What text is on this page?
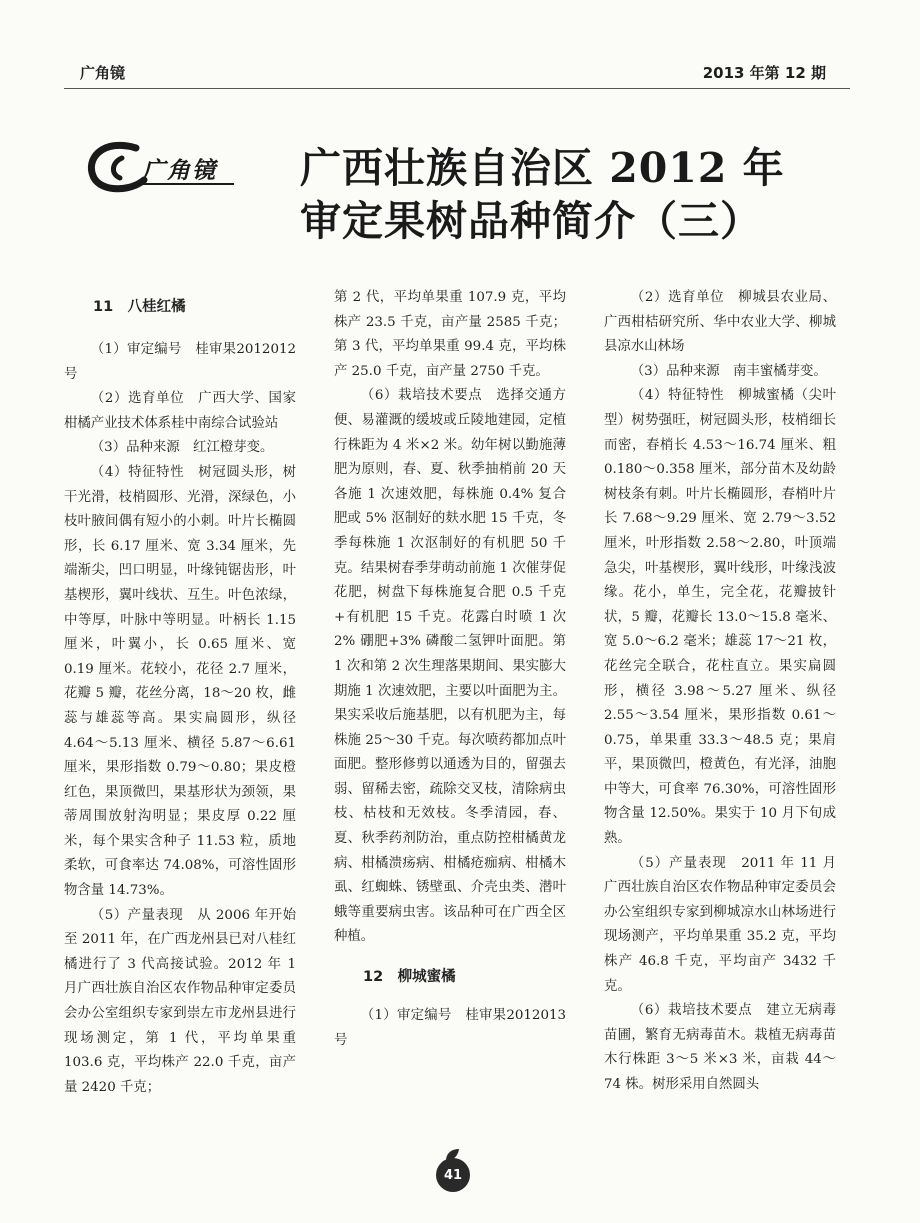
广角镜	2013 年第 12 期
广角镜 广西壮族自治区 2012 年
审定果树品种简介（三）

11　八桂红橘

（1）审定编号　桂审果2012012号

（2）选育单位　广西大学、国家柑橘产业技术体系桂中南综合试验站

（3）品种来源　红江橙芽变。

（4）特征特性　树冠圆头形，树干光滑，枝梢圆形、光滑，深绿色，小枝叶腋间偶有短小的小刺。叶片长椭圆形，长 6.17 厘米、宽 3.34 厘米，先端渐尖，凹口明显，叶缘钝锯齿形，叶基楔形，翼叶线状、互生。叶色浓绿，中等厚，叶脉中等明显。叶柄长 1.15 厘米，叶翼小，长 0.65 厘米、宽 0.19 厘米。花较小，花径 2.7 厘米，花瓣 5 瓣，花丝分离，18～20 枚，雌蕊与雄蕊等高。果实扁圆形，纵径 4.64～5.13 厘米、横径 5.87～6.61 厘米，果形指数 0.79～0.80；果皮橙红色，果顶微凹，果基形状为颈领，果蒂周围放射沟明显；果皮厚 0.22 厘米，每个果实含种子 11.53 粒，质地柔软，可食率达 74.08%，可溶性固形物含量 14.73%。

（5）产量表现　从 2006 年开始至 2011 年，在广西龙州县已对八桂红橘进行了 3 代高接试验。2012 年 1 月广西壮族自治区农作物品种审定委员会办公室组织专家到崇左市龙州县进行现场测定，第 1 代，平均单果重 103.6 克，平均株产 22.0 千克，亩产量 2420 千克；

第 2 代，平均单果重 107.9 克，平均株产 23.5 千克，亩产量 2585 千克；第 3 代，平均单果重 99.4 克，平均株产 25.0 千克，亩产量 2750 千克。

（6）栽培技术要点　选择交通方便、易灌溉的缓坡或丘陵地建园，定植行株距为 4 米×2 米。幼年树以勤施薄肥为原则，春、夏、秋季抽梢前 20 天各施 1 次速效肥，每株施 0.4% 复合肥或 5% 沤制好的麸水肥 15 千克，冬季每株施 1 次沤制好的有机肥 50 千克。结果树春季芽萌动前施 1 次催芽促花肥，树盘下每株施复合肥 0.5 千克+有机肥 15 千克。花露白时喷 1 次 2% 硼肥+3% 磷酸二氢钾叶面肥。第 1 次和第 2 次生理落果期间、果实膨大期施 1 次速效肥，主要以叶面肥为主。果实采收后施基肥，以有机肥为主，每株施 25～30 千克。每次喷药都加点叶面肥。整形修剪以通透为目的，留强去弱、留稀去密，疏除交叉枝，清除病虫枝、枯枝和无效枝。冬季清园，春、夏、秋季药剂防治，重点防控柑橘黄龙病、柑橘溃疡病、柑橘疮痂病、柑橘木虱、红蜘蛛、锈壁虱、介壳虫类、潜叶蛾等重要病虫害。该品种可在广西全区种植。

12　柳城蜜橘

（1）审定编号　桂审果2012013号

（2）选育单位　柳城县农业局、广西柑桔研究所、华中农业大学、柳城县凉水山林场

（3）品种来源　南丰蜜橘芽变。

（4）特征特性　柳城蜜橘（尖叶型）树势强旺，树冠圆头形，枝梢细长而密，春梢长 4.53～16.74 厘米、粗 0.180～0.358 厘米，部分苗木及幼龄树枝条有刺。叶片长椭圆形，春梢叶片长 7.68～9.29 厘米、宽 2.79～3.52 厘米，叶形指数 2.58～2.80，叶顶端急尖，叶基楔形，翼叶线形，叶缘浅波缘。花小，单生，完全花，花瓣披针状，5 瓣，花瓣长 13.0～15.8 毫米、宽 5.0～6.2 毫米；雄蕊 17～21 枚，花丝完全联合，花柱直立。果实扁圆形，横径 3.98～5.27 厘米、纵径 2.55～3.54 厘米，果形指数 0.61～0.75，单果重 33.3～48.5 克；果肩平，果顶微凹，橙黄色，有光泽，油胞中等大，可食率 76.30%，可溶性固形物含量 12.50%。果实于 10 月下旬成熟。

（5）产量表现　2011 年 11 月广西壮族自治区农作物品种审定委员会办公室组织专家到柳城凉水山林场进行现场测产，平均单果重 35.2 克，平均株产 46.8 千克，平均亩产 3432 千克。

（6）栽培技术要点　建立无病毒苗圃，繁育无病毒苗木。栽植无病毒苗木行株距 3～5 米×3 米，亩栽 44～74 株。树形采用自然圆头

41
